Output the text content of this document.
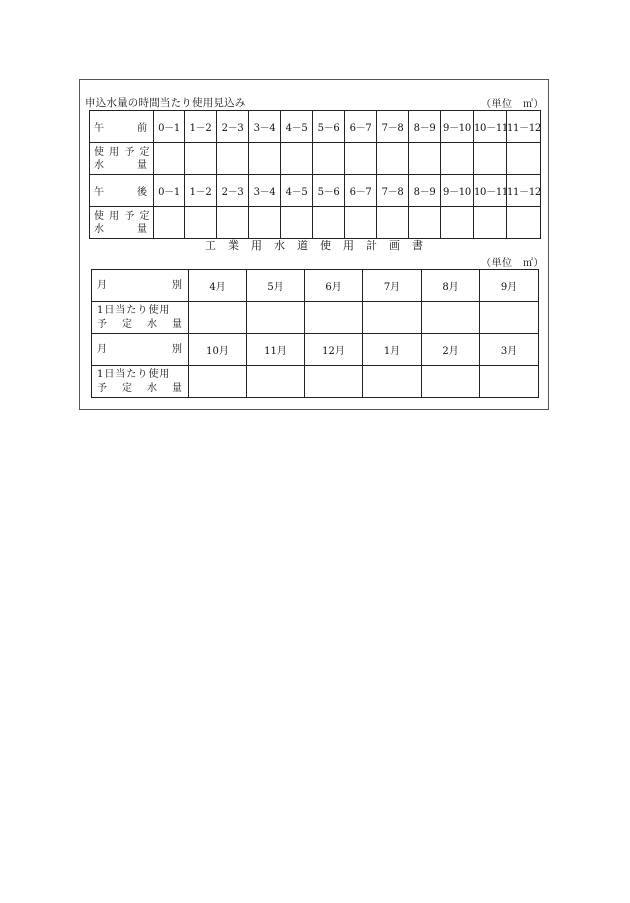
申込水量の時間当たり使用見込み	（単位　㎥）
午 前	0－1	1－2	2－3	3－4	4－5	5－6	6－7	7－8	8－9	9－10	10－11	11－12

使 用 予 定
水 量												

午 後	0－1	1－2	2－3	3－4	4－5	5－6	6－7	7－8	8－9	9－10	10－11	11－12

使 用 予 定
水 量												

工業用水道使用計画書
（単位　㎥）
月 別	4月	5月	6月	7月	8月	9月

1日当たり使用
予 定 水 量						

月 別	10月	11月	12月	1月	2月	3月

1日当たり使用
予 定 水 量						
